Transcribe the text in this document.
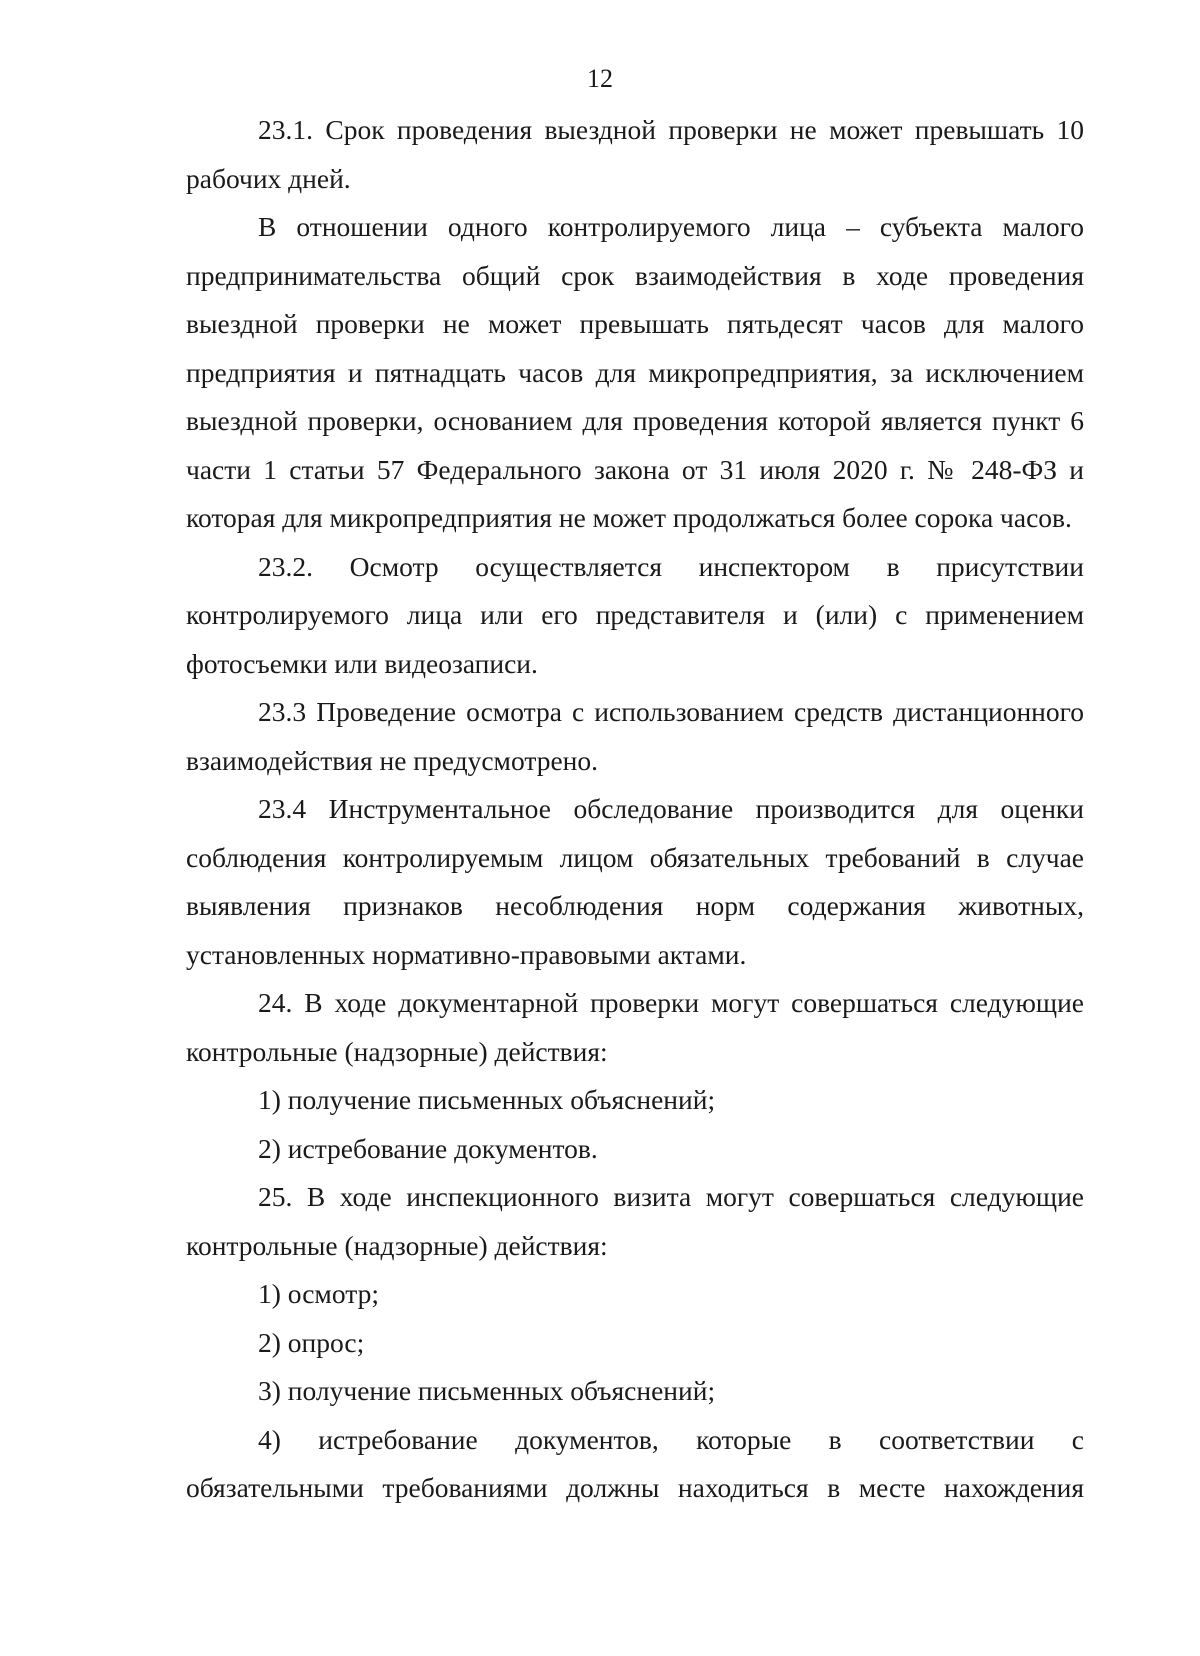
12

23.1. Срок проведения выездной проверки не может превышать 10 рабочих дней.

В отношении одного контролируемого лица – субъекта малого предпринимательства общий срок взаимодействия в ходе проведения выездной проверки не может превышать пятьдесят часов для малого предприятия и пятнадцать часов для микропредприятия, за исключением выездной проверки, основанием для проведения которой является пункт 6 части 1 статьи 57 Федерального закона от 31 июля 2020 г. № 248-ФЗ и которая для микропредприятия не может продолжаться более сорока часов.

23.2. Осмотр осуществляется инспектором в присутствии контролируемого лица или его представителя и (или) с применением фотосъемки или видеозаписи.

23.3 Проведение осмотра с использованием средств дистанционного взаимодействия не предусмотрено.

23.4 Инструментальное обследование производится для оценки соблюдения контролируемым лицом обязательных требований в случае выявления признаков несоблюдения норм содержания животных, установленных нормативно-правовыми актами.

24. В ходе документарной проверки могут совершаться следующие контрольные (надзорные) действия:

1) получение письменных объяснений;

2) истребование документов.

25. В ходе инспекционного визита могут совершаться следующие контрольные (надзорные) действия:

1) осмотр;

2) опрос;

3) получение письменных объяснений;

4) истребование документов, которые в соответствии с обязательными требованиями должны находиться в месте нахождения
